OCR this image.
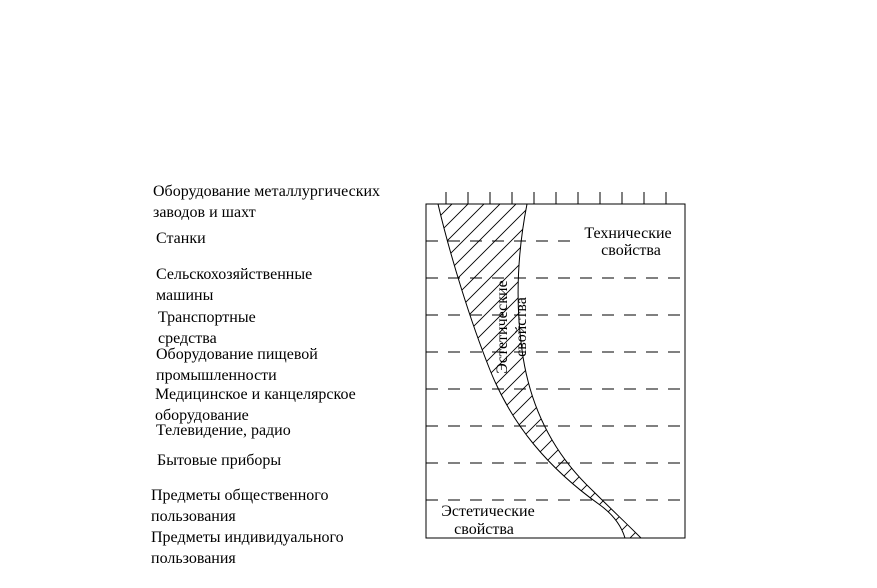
Оборудование металлургических заводов и шахт
Станки
Сельскохозяйственные машины
Транспортные средства
Оборудование пищевой промышленности
Медицинское и канцелярское оборудование
Телевидение, радио
Бытовые приборы
Предметы общественного пользования
Предметы индивидуального пользования
Технические
свойства
Эстетические свойства
Эстетические
свойства
